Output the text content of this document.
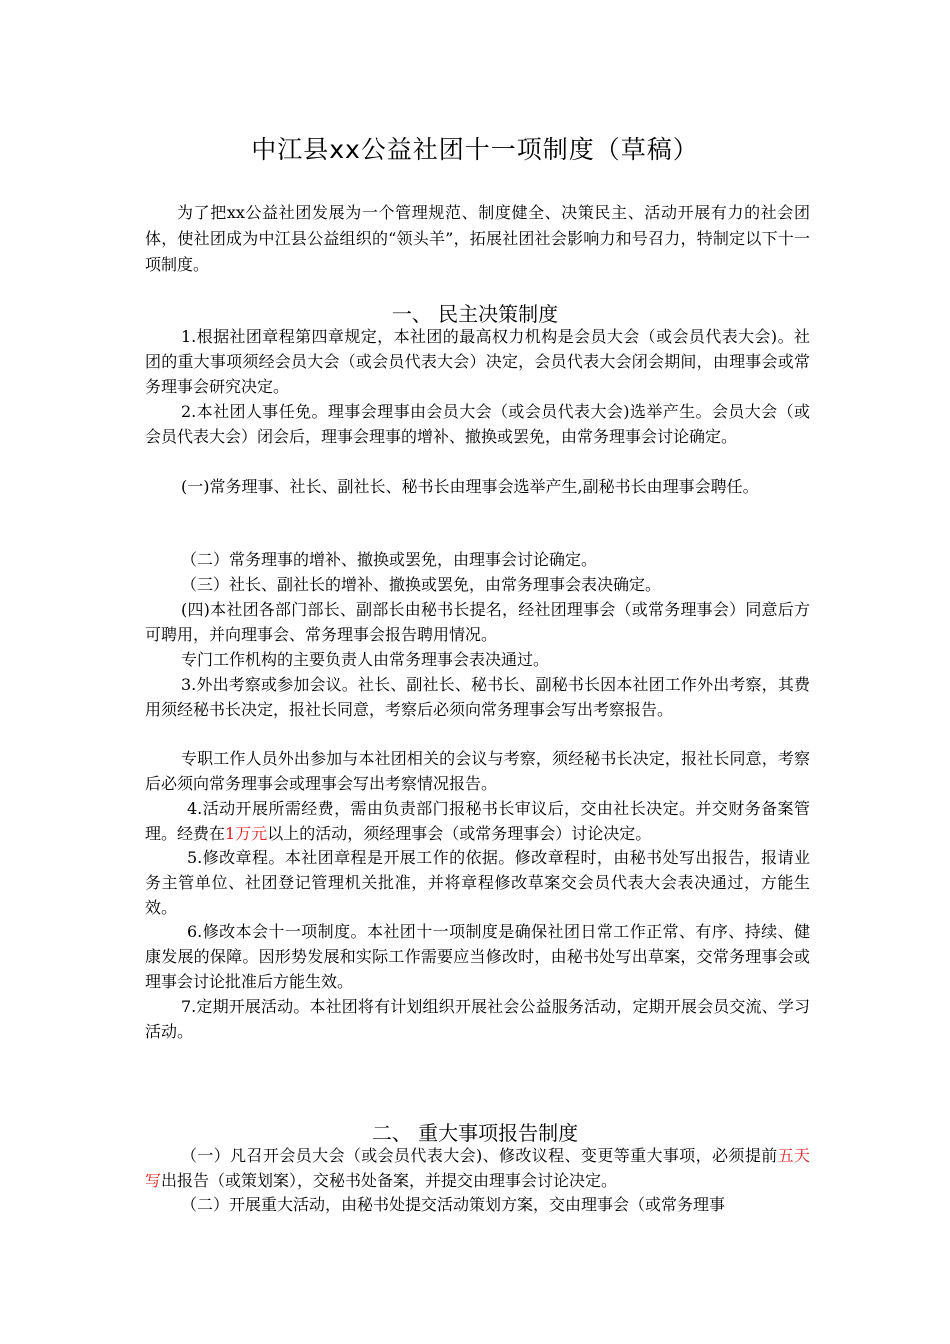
中江县xx公益社团十一项制度（草稿）
为了把xx公益社团发展为一个管理规范、制度健全、决策民主、活动开展有力的社会团体，使社团成为中江县公益组织的“领头羊”，拓展社团社会影响力和号召力，特制定以下十一项制度。
一、 民主决策制度
1.根据社团章程第四章规定，本社团的最高权力机构是会员大会（或会员代表大会)。社团的重大事项须经会员大会（或会员代表大会）决定，会员代表大会闭会期间，由理事会或常务理事会研究决定。
2.本社团人事任免。理事会理事由会员大会（或会员代表大会)选举产生。会员大会（或会员代表大会）闭会后，理事会理事的增补、撤换或罢免，由常务理事会讨论确定。
(一)常务理事、社长、副社长、秘书长由理事会选举产生,副秘书长由理事会聘任。
（二）常务理事的增补、撤换或罢免，由理事会讨论确定。
（三）社长、副社长的增补、撤换或罢免，由常务理事会表决确定。
(四)本社团各部门部长、副部长由秘书长提名，经社团理事会（或常务理事会）同意后方可聘用，并向理事会、常务理事会报告聘用情况。
专门工作机构的主要负责人由常务理事会表决通过。
3.外出考察或参加会议。社长、副社长、秘书长、副秘书长因本社团工作外出考察，其费用须经秘书长决定，报社长同意，考察后必须向常务理事会写出考察报告。
专职工作人员外出参加与本社团相关的会议与考察，须经秘书长决定，报社长同意，考察后必须向常务理事会或理事会写出考察情况报告。
4.活动开展所需经费，需由负责部门报秘书长审议后，交由社长决定。并交财务备案管理。经费在1万元以上的活动，须经理事会（或常务理事会）讨论决定。
5.修改章程。本社团章程是开展工作的依据。修改章程时，由秘书处写出报告，报请业务主管单位、社团登记管理机关批准，并将章程修改草案交会员代表大会表决通过，方能生效。
6.修改本会十一项制度。本社团十一项制度是确保社团日常工作正常、有序、持续、健康发展的保障。因形势发展和实际工作需要应当修改时，由秘书处写出草案，交常务理事会或理事会讨论批准后方能生效。
7.定期开展活动。本社团将有计划组织开展社会公益服务活动，定期开展会员交流、学习活动。
二、 重大事项报告制度
（一）凡召开会员大会（或会员代表大会)、修改议程、变更等重大事项，必须提前五天写出报告（或策划案），交秘书处备案，并提交由理事会讨论决定。
（二）开展重大活动，由秘书处提交活动策划方案，交由理事会（或常务理事
